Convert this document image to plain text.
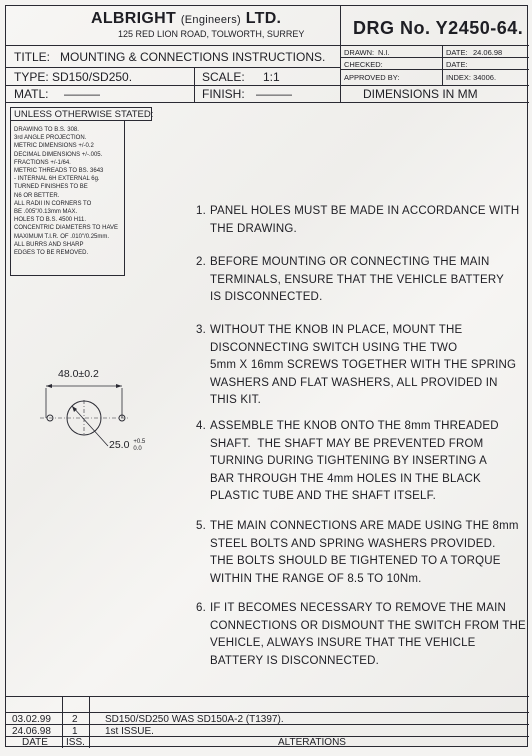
ALBRIGHT (Engineers) LTD.
125 RED LION ROAD, TOLWORTH, SURREY	DRG No. Y2450-64.
TITLE: MOUNTING & CONNECTIONS INSTRUCTIONS.
TYPE: SD150/SD250.	SCALE: 1:1
MATL: ———	FINISH: ———	DIMENSIONS IN MM
DRAWN: N.I.	DATE: 24.06.98
CHECKED:	DATE:
APPROVED BY:	INDEX: 34006.
UNLESS OTHERWISE STATED:
DRAWING TO B.S. 308.
3rd ANGLE PROJECTION.
METRIC DIMENSIONS +/-0.2
DECIMAL DIMENSIONS +/-.005.
FRACTIONS +/-1/64.
METRIC THREADS TO BS. 3643
- INTERNAL 6H EXTERNAL 6g.
TURNED FINISHES TO BE
N6 OR BETTER.
ALL RADII IN CORNERS TO
BE .005"/0.13mm MAX.
HOLES TO B.S. 4500 H11.
CONCENTRIC DIAMETERS TO HAVE
MAXIMUM T.I.R. OF .010"/0.25mm.
ALL BURRS AND SHARP
EDGES TO BE REMOVED.
48.0±0.2
25.0 +0.5
0.0
1. PANEL HOLES MUST BE MADE IN ACCORDANCE WITH
THE DRAWING.
2. BEFORE MOUNTING OR CONNECTING THE MAIN
TERMINALS, ENSURE THAT THE VEHICLE BATTERY
IS DISCONNECTED.
3. WITHOUT THE KNOB IN PLACE, MOUNT THE
DISCONNECTING SWITCH USING THE TWO
5mm X 16mm SCREWS TOGETHER WITH THE SPRING
WASHERS AND FLAT WASHERS, ALL PROVIDED IN
THIS KIT.
4. ASSEMBLE THE KNOB ONTO THE 8mm THREADED
SHAFT.  THE SHAFT MAY BE PREVENTED FROM
TURNING DURING TIGHTENING BY INSERTING A
BAR THROUGH THE 4mm HOLES IN THE BLACK
PLASTIC TUBE AND THE SHAFT ITSELF.
5. THE MAIN CONNECTIONS ARE MADE USING THE 8mm
STEEL BOLTS AND SPRING WASHERS PROVIDED.
THE BOLTS SHOULD BE TIGHTENED TO A TORQUE
WITHIN THE RANGE OF 8.5 TO 10Nm.
6. IF IT BECOMES NECESSARY TO REMOVE THE MAIN
CONNECTIONS OR DISMOUNT THE SWITCH FROM THE
VEHICLE, ALWAYS INSURE THAT THE VEHICLE
BATTERY IS DISCONNECTED.
03.02.99 2	SD150/SD250 WAS SD150A-2 (T1397).
24.06.98 1	1st ISSUE.
DATE ISS.	ALTERATIONS
